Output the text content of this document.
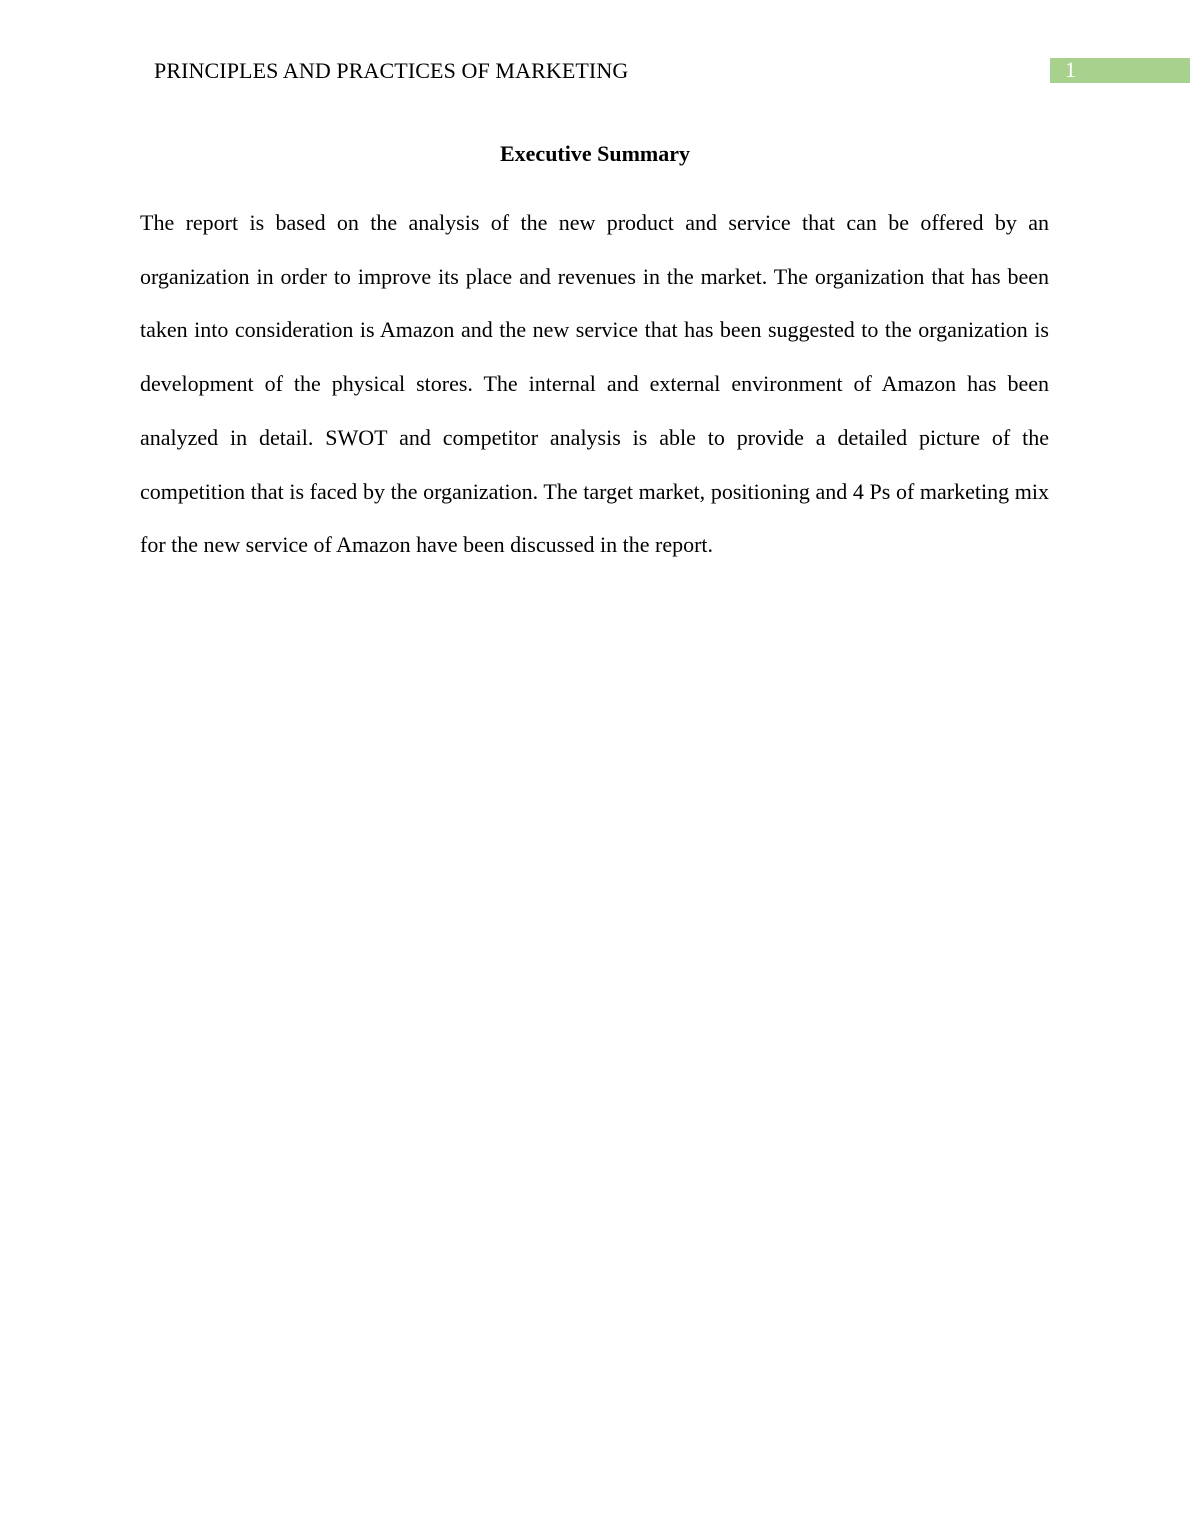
PRINCIPLES AND PRACTICES OF MARKETING	1
Executive Summary

The report is based on the analysis of the new product and service that can be offered by an organization in order to improve its place and revenues in the market. The organization that has been taken into consideration is Amazon and the new service that has been suggested to the organization is development of the physical stores. The internal and external environment of Amazon has been analyzed in detail. SWOT and competitor analysis is able to provide a detailed picture of the competition that is faced by the organization. The target market, positioning and 4 Ps of marketing mix for the new service of Amazon have been discussed in the report.
